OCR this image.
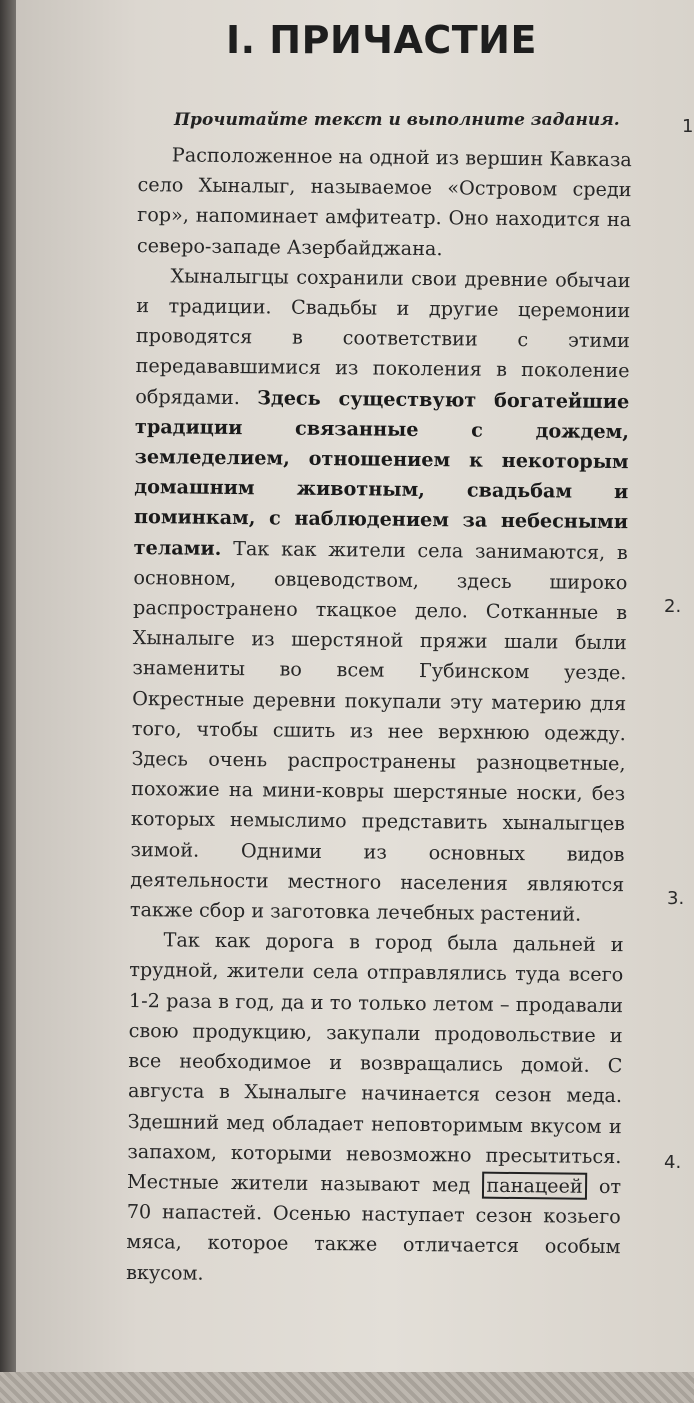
I. ПРИЧАСТИЕ
Прочитайте текст и выполните задания.

Расположенное на одной из вершин Кавказа село Хыналыг, называемое «Островом среди гор», напоминает амфитеатр. Оно находится на северо-западе Азербайджана.

Хыналыгцы сохранили свои древние обычаи и традиции. Свадьбы и другие церемонии проводятся в соответствии с этими передававшимися из поколения в поколение обрядами. Здесь существуют богатейшие традиции связанные с дождем, земледелием, отношением к некоторым домашним животным, свадьбам и поминкам, с наблюдением за небесными телами. Так как жители села занимаются, в основном, овцеводством, здесь широко распространено ткацкое дело. Сотканные в Хыналыге из шерстяной пряжи шали были знамениты во всем Губинском уезде. Окрестные деревни покупали эту материю для того, чтобы сшить из нее верхнюю одежду. Здесь очень распространены разноцветные, похожие на мини-ковры шерстяные носки, без которых немыслимо представить хыналыгцев зимой. Одними из основных видов деятельности местного населения являются также сбор и заготовка лечебных растений.

Так как дорога в город была дальней и трудной, жители села отправлялись туда всего 1-2 раза в год, да и то только летом – продавали свою продукцию, закупали продовольствие и все необходимое и возвращались домой. С августа в Хыналыге начинается сезон меда. Здешний мед обладает неповторимым вкусом и запахом, которыми невозможно пресытиться. Местные жители называют мед панацеей от 70 напастей. Осенью наступает сезон козьего мяса, которое также отличается особым вкусом.

1
2.
3.
4.
